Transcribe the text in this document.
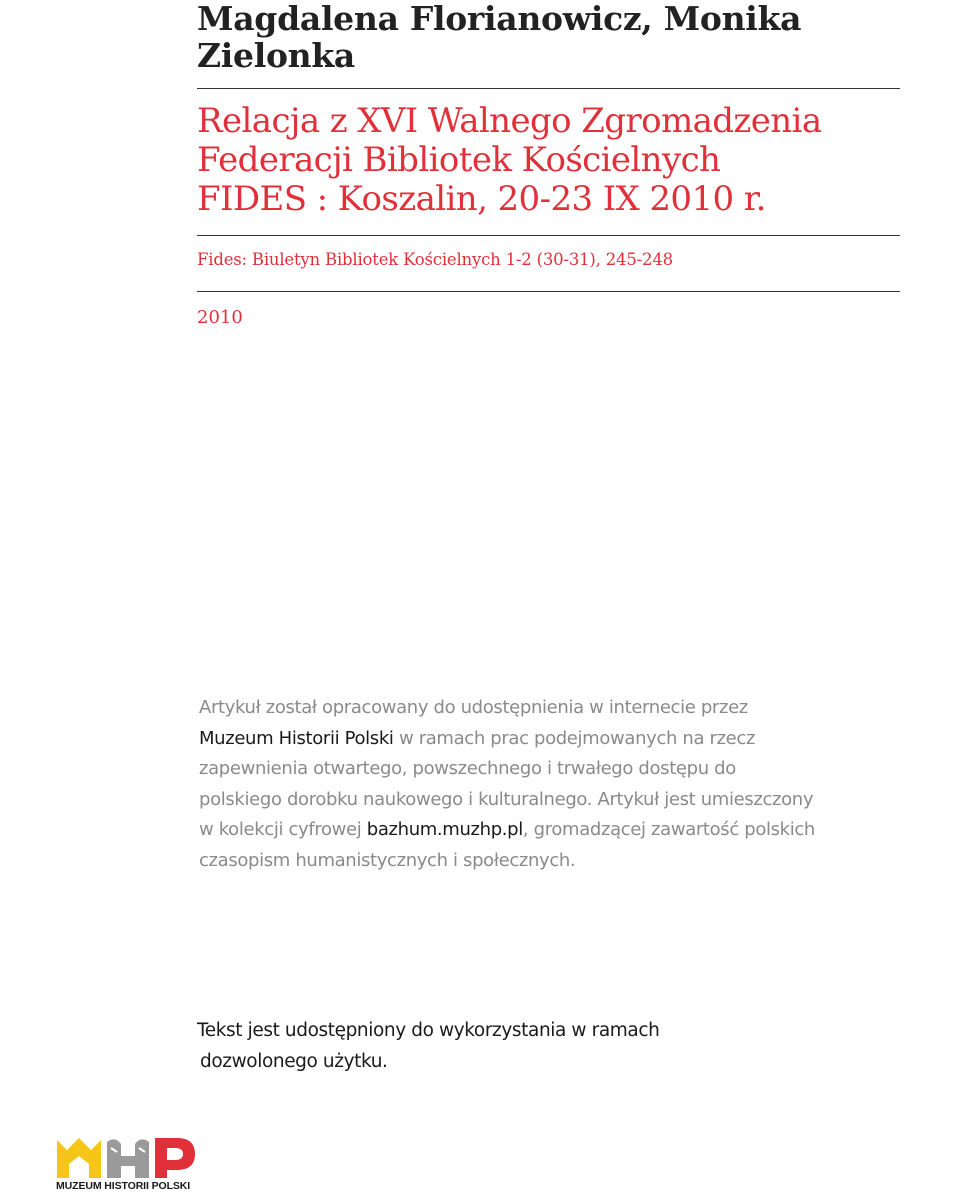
Magdalena Florianowicz, Monika Zielonka
Relacja z XVI Walnego Zgromadzenia
Federacji Bibliotek Kościelnych
FIDES : Koszalin, 20-23 IX 2010 r.
Fides: Biuletyn Bibliotek Kościelnych 1-2 (30-31), 245-248
2010
Artykuł został opracowany do udostępnienia w internecie przez
Muzeum Historii Polski w ramach prac podejmowanych na rzecz
zapewnienia otwartego, powszechnego i trwałego dostępu do
polskiego dorobku naukowego i kulturalnego. Artykuł jest umieszczony
w kolekcji cyfrowej bazhum.muzhp.pl, gromadzącej zawartość polskich
czasopism humanistycznych i społecznych.
Tekst jest udostępniony do wykorzystania w ramach
dozwolonego użytku.
MUZEUM HISTORII POLSKI
